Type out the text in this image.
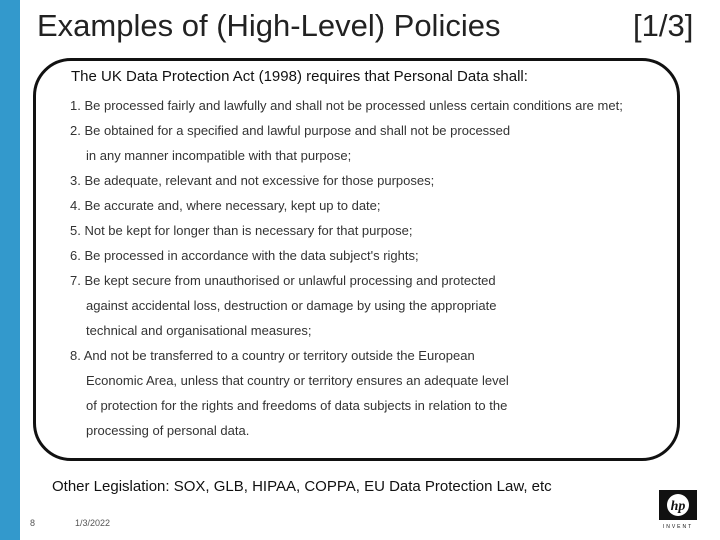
Examples of (High-Level) Policies	[1/3]
The UK Data Protection Act (1998) requires that Personal Data shall:
1. Be processed fairly and lawfully and shall not be processed unless certain conditions are met;
2. Be obtained for a specified and lawful purpose and shall not be processed
in any manner incompatible with that purpose;
3. Be adequate, relevant and not excessive for those purposes;
4. Be accurate and, where necessary, kept up to date;
5. Not be kept for longer than is necessary for that purpose;
6. Be processed in accordance with the data subject's rights;
7. Be kept secure from unauthorised or unlawful processing and protected
against accidental loss, destruction or damage by using the appropriate
technical and organisational measures;
8. And not be transferred to a country or territory outside the European
Economic Area, unless that country or territory ensures an adequate level
of protection for the rights and freedoms of data subjects in relation to the
processing of personal data.
Other Legislation: SOX, GLB, HIPAA, COPPA, EU Data Protection Law, etc
8	1/3/2022
hp
INVENT
